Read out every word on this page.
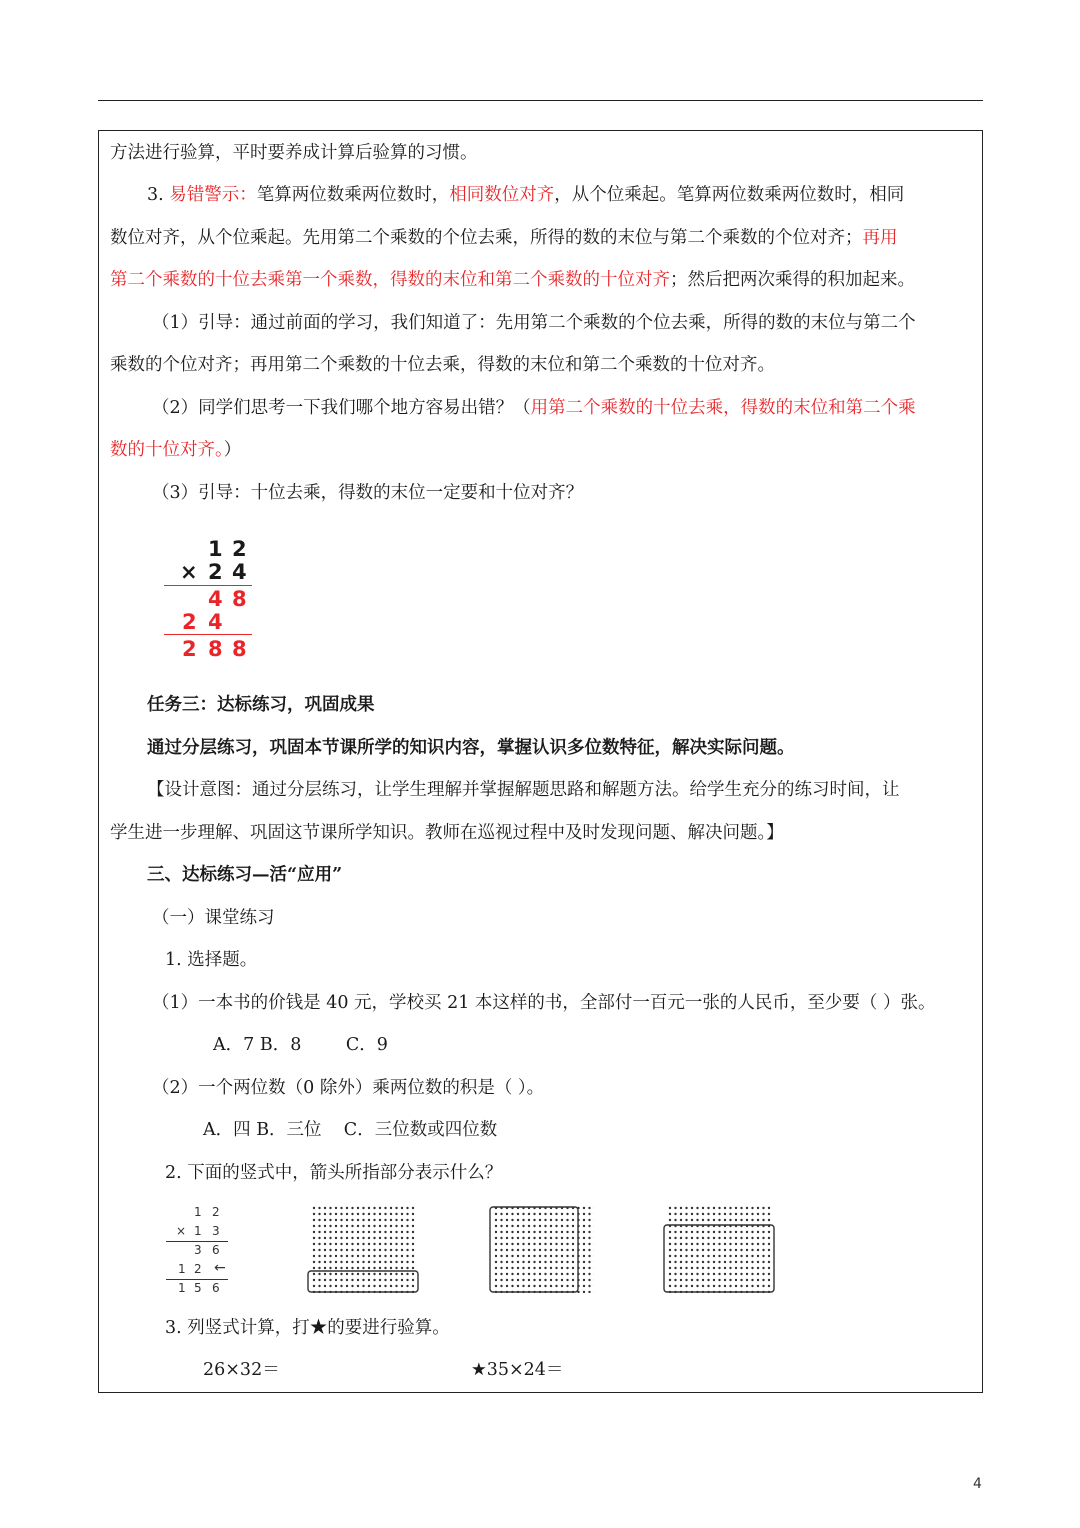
方法进行验算，平时要养成计算后验算的习惯。
3. 易错警示：笔算两位数乘两位数时，相同数位对齐，从个位乘起。笔算两位数乘两位数时，相同
数位对齐，从个位乘起。先用第二个乘数的个位去乘，所得的数的末位与第二个乘数的个位对齐；再用
第二个乘数的十位去乘第一个乘数，得数的末位和第二个乘数的十位对齐；然后把两次乘得的积加起来。
（1）引导：通过前面的学习，我们知道了：先用第二个乘数的个位去乘，所得的数的末位与第二个
乘数的个位对齐；再用第二个乘数的十位去乘，得数的末位和第二个乘数的十位对齐。
（2）同学们思考一下我们哪个地方容易出错？（用第二个乘数的十位去乘，得数的末位和第二个乘
数的十位对齐。）
（3）引导：十位去乘，得数的末位一定要和十位对齐？
1 2
× 2 4
4 8
2 4
2 8 8
任务三：达标练习，巩固成果
通过分层练习，巩固本节课所学的知识内容，掌握认识多位数特征，解决实际问题。
【设计意图：通过分层练习，让学生理解并掌握解题思路和解题方法。给学生充分的练习时间，让
学生进一步理解、巩固这节课所学知识。教师在巡视过程中及时发现问题、解决问题。】
三、达标练习—活“应用”
（一）课堂练习
1. 选择题。
（1）一本书的价钱是 40 元，学校买 21 本这样的书，全部付一百元一张的人民币，至少要（ ）张。
A．7 B．8        C．9
（2）一个两位数（0 除外）乘两位数的积是（ ）。
A．四 B．三位    C．三位数或四位数
2. 下面的竖式中，箭头所指部分表示什么？
1 2
× 1 3
3 6
1 2 ←
1 5 6
3. 列竖式计算，打★的要进行验算。
26×32＝	★35×24＝
4
